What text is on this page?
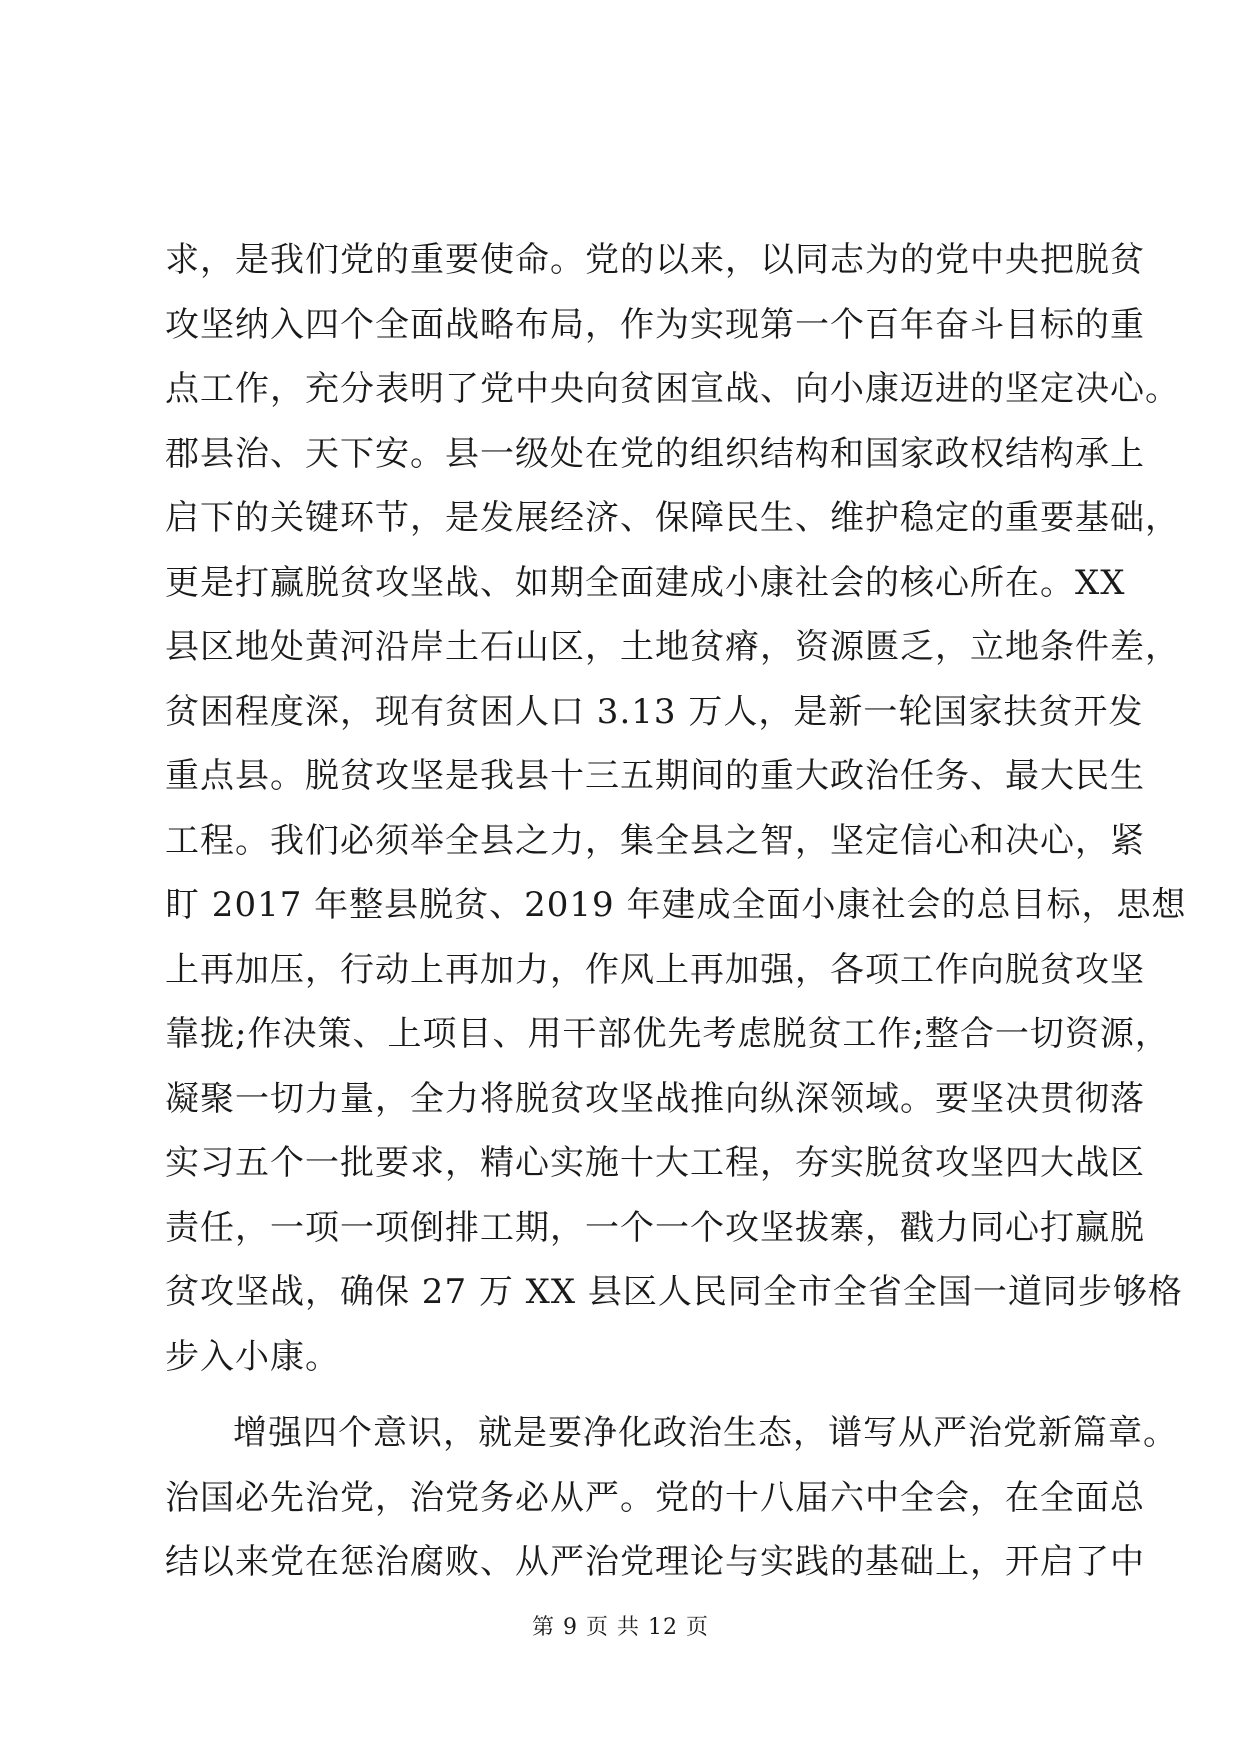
求，是我们党的重要使命。党的以来，以同志为的党中央把脱贫
攻坚纳入四个全面战略布局，作为实现第一个百年奋斗目标的重
点工作，充分表明了党中央向贫困宣战、向小康迈进的坚定决心。
郡县治、天下安。县一级处在党的组织结构和国家政权结构承上
启下的关键环节，是发展经济、保障民生、维护稳定的重要基础，
更是打赢脱贫攻坚战、如期全面建成小康社会的核心所在。XX
县区地处黄河沿岸土石山区，土地贫瘠，资源匮乏，立地条件差，
贫困程度深，现有贫困人口 3.13 万人，是新一轮国家扶贫开发
重点县。脱贫攻坚是我县十三五期间的重大政治任务、最大民生
工程。我们必须举全县之力，集全县之智，坚定信心和决心，紧
盯 2017 年整县脱贫、2019 年建成全面小康社会的总目标，思想
上再加压，行动上再加力，作风上再加强，各项工作向脱贫攻坚
靠拢;作决策、上项目、用干部优先考虑脱贫工作;整合一切资源，
凝聚一切力量，全力将脱贫攻坚战推向纵深领域。要坚决贯彻落
实习五个一批要求，精心实施十大工程，夯实脱贫攻坚四大战区
责任，一项一项倒排工期，一个一个攻坚拔寨，戳力同心打赢脱
贫攻坚战，确保 27 万 XX 县区人民同全市全省全国一道同步够格
步入小康。
增强四个意识，就是要净化政治生态，谱写从严治党新篇章。
治国必先治党，治党务必从严。党的十八届六中全会，在全面总
结以来党在惩治腐败、从严治党理论与实践的基础上，开启了中
第 9 页 共 12 页
